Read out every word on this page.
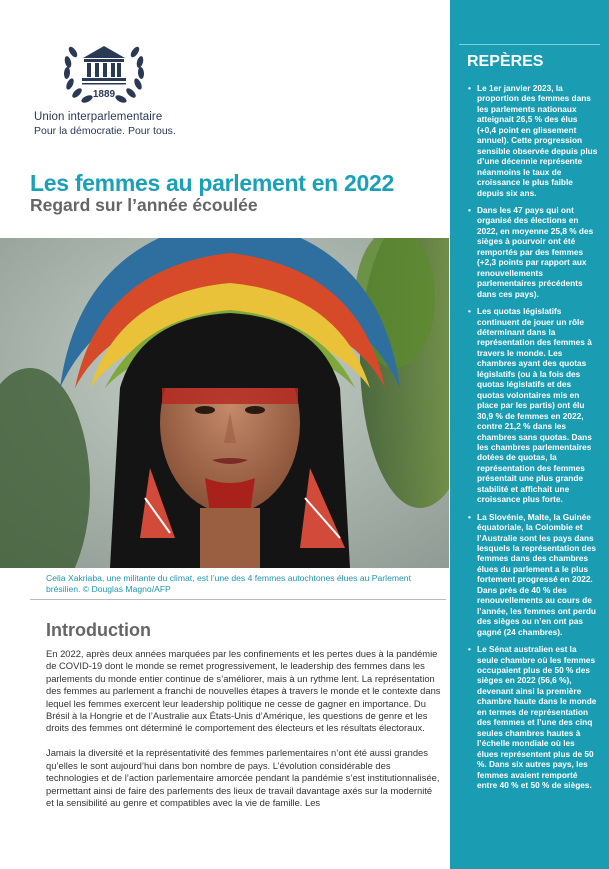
1889
Union interparlementaire
Pour la démocratie. Pour tous.
Les femmes au parlement en 2022
Regard sur l’année écoulée
Celia Xakriaba, une militante du climat, est l’une des 4 femmes autochtones élues au Parlement brésilien. © Douglas Magno/AFP
Introduction

En 2022, après deux années marquées par les confinements et les pertes dues à la pandémie de COVID-19 dont le monde se remet progressivement, le leadership des femmes dans les parlements du monde entier continue de s’améliorer, mais à un rythme lent. La représentation des femmes au parlement a franchi de nouvelles étapes à travers le monde et le contexte dans lequel les femmes exercent leur leadership politique ne cesse de gagner en importance. Du Brésil à la Hongrie et de l’Australie aux États-Unis d’Amérique, les questions de genre et les droits des femmes ont déterminé le comportement des électeurs et les résultats électoraux.

Jamais la diversité et la représentativité des femmes parlementaires n’ont été aussi grandes qu’elles le sont aujourd’hui dans bon nombre de pays. L’évolution considérable des technologies et de l’action parlementaire amorcée pendant la pandémie s’est institutionnalisée, permettant ainsi de faire des parlements des lieux de travail davantage axés sur la modernité et la sensibilité au genre et compatibles avec la vie de famille. Les

REPÈRES
• Le 1er janvier 2023, la proportion des femmes dans les parlements nationaux atteignait 26,5 % des élus (+0,4 point en glissement annuel). Cette progression sensible observée depuis plus d’une décennie représente néanmoins le taux de croissance le plus faible depuis six ans.
• Dans les 47 pays qui ont organisé des élections en 2022, en moyenne 25,8 % des sièges à pourvoir ont été remportés par des femmes (+2,3 points par rapport aux renouvellements parlementaires précédents dans ces pays).
• Les quotas législatifs continuent de jouer un rôle déterminant dans la représentation des femmes à travers le monde. Les chambres ayant des quotas législatifs (ou à la fois des quotas législatifs et des quotas volontaires mis en place par les partis) ont élu 30,9 % de femmes en 2022, contre 21,2 % dans les chambres sans quotas. Dans les chambres parlementaires dotées de quotas, la représentation des femmes présentait une plus grande stabilité et affichait une croissance plus forte.
• La Slovénie, Malte, la Guinée équatoriale, la Colombie et l’Australie sont les pays dans lesquels la représentation des femmes dans des chambres élues du parlement a le plus fortement progressé en 2022. Dans près de 40 % des renouvellements au cours de l’année, les femmes ont perdu des sièges ou n’en ont pas gagné (24 chambres).
• Le Sénat australien est la seule chambre où les femmes occupaient plus de 50 % des sièges en 2022 (56,6 %), devenant ainsi la première chambre haute dans le monde en termes de représentation des femmes et l’une des cinq seules chambres hautes à l’échelle mondiale où les élues représentent plus de 50 %. Dans six autres pays, les femmes avaient remporté entre 40 % et 50 % de sièges.
